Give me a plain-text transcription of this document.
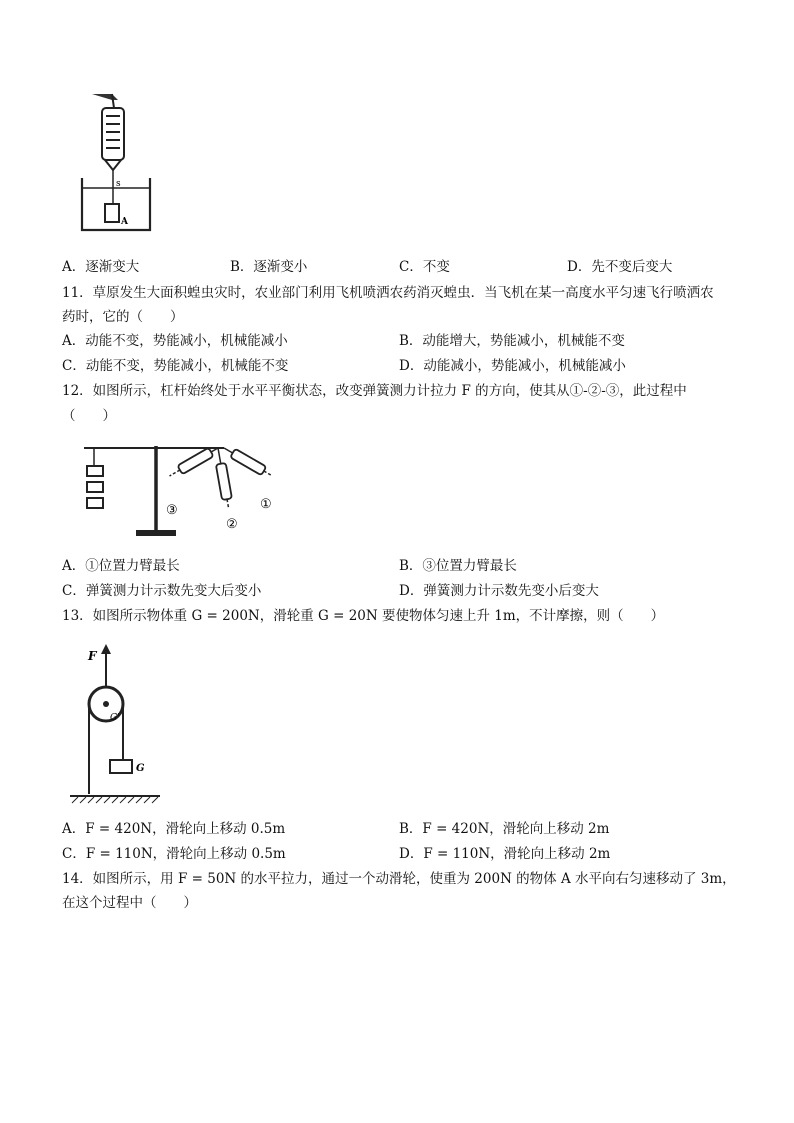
s
A
A．逐渐变大	B．逐渐变小	C．不变	D．先不变后变大
11．草原发生大面积蝗虫灾时，农业部门利用飞机喷洒农药消灭蝗虫．当飞机在某一高度水平匀速飞行喷洒农
药时，它的（　　）
A．动能不变，势能减小，机械能减小	B．动能增大，势能减小，机械能不变
C．动能不变，势能减小，机械能不变	D．动能减小，势能减小，机械能减小
12．如图所示，杠杆始终处于水平平衡状态，改变弹簧测力计拉力 F 的方向，使其从①-②-③，此过程中
（　　）
①
②
③
A．①位置力臂最长	B．③位置力臂最长
C．弹簧测力计示数先变大后变小	D．弹簧测力计示数先变小后变大
13．如图所示物体重 G = 200N，滑轮重 G = 20N 要使物体匀速上升 1m，不计摩擦，则（　　）
F
G'
G
A．F = 420N，滑轮向上移动 0.5m	B．F = 420N，滑轮向上移动 2m
C．F = 110N，滑轮向上移动 0.5m	D．F = 110N，滑轮向上移动 2m
14．如图所示，用 F = 50N 的水平拉力，通过一个动滑轮，使重为 200N 的物体 A 水平向右匀速移动了 3m，
在这个过程中（　　）
